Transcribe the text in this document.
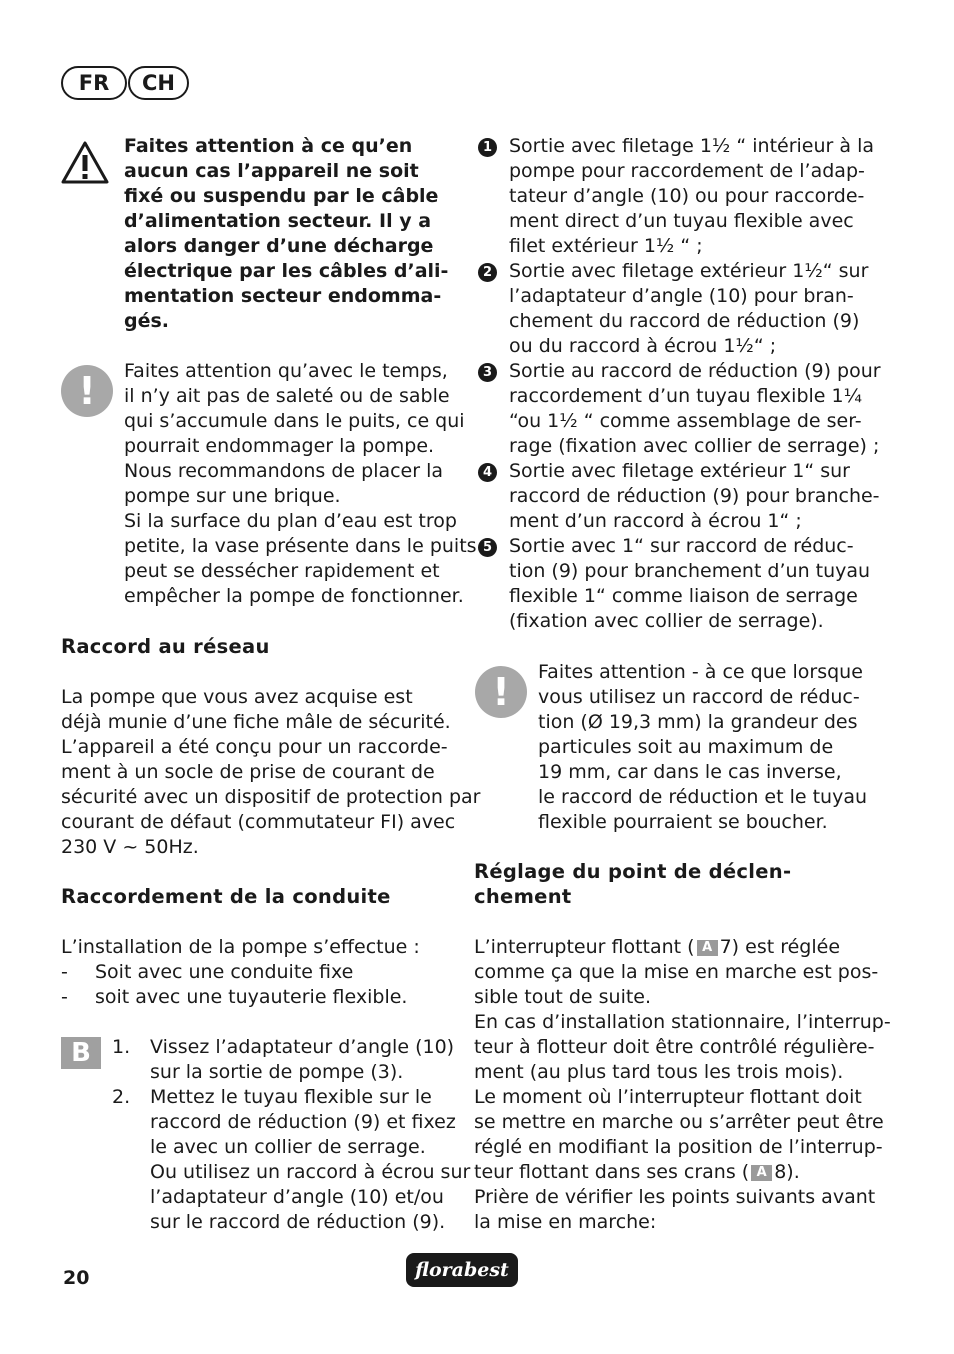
FR	CH
Faites attention à ce qu’en
aucun cas l’appareil ne soit
fixé ou suspendu par le câble
d’alimentation secteur. Il y a
alors danger d’une décharge
électrique par les câbles d’ali-
mentation secteur endomma-
gés.
!	Faites attention qu’avec le temps,
il n’y ait pas de saleté ou de sable
qui s’accumule dans le puits, ce qui
pourrait endommager la pompe.
Nous recommandons de placer la
pompe sur une brique.
Si la surface du plan d’eau est trop
petite, la vase présente dans le puits
peut se dessécher rapidement et
empêcher la pompe de fonctionner.
Raccord au réseau
La pompe que vous avez acquise est
déjà munie d’une fiche mâle de sécurité.
L’appareil a été conçu pour un raccorde-
ment à un socle de prise de courant de
sécurité avec un dispositif de protection par
courant de défaut (commutateur FI) avec
230 V ~ 50Hz.
Raccordement de la conduite
L’installation de la pompe s’effectue :
- Soit avec une conduite fixe
- soit avec une tuyauterie flexible.
B	1. Vissez l’adaptateur d’angle (10)
sur la sortie de pompe (3).
2. Mettez le tuyau flexible sur le
raccord de réduction (9) et fixez
le avec un collier de serrage.
Ou utilisez un raccord à écrou sur
l’adaptateur d’angle (10) et/ou
sur le raccord de réduction (9).
1 Sortie avec filetage 1½ “ intérieur à la
pompe pour raccordement de l’adap-
tateur d’angle (10) ou pour raccorde-
ment direct d’un tuyau flexible avec
filet extérieur 1½ “ ;
2 Sortie avec filetage extérieur 1½“ sur
l’adaptateur d’angle (10) pour bran-
chement du raccord de réduction (9)
ou du raccord à écrou 1½“ ;
3 Sortie au raccord de réduction (9) pour
raccordement d’un tuyau flexible 1¼
“ou 1½ “ comme assemblage de ser-
rage (fixation avec collier de serrage) ;
4 Sortie avec filetage extérieur 1“ sur
raccord de réduction (9) pour branche-
ment d’un raccord à écrou 1“ ;
5 Sortie avec 1“ sur raccord de réduc-
tion (9) pour branchement d’un tuyau
flexible 1“ comme liaison de serrage
(fixation avec collier de serrage).
!	Faites attention - à ce que lorsque
vous utilisez un raccord de réduc-
tion (Ø 19,3 mm) la grandeur des
particules soit au maximum de
19 mm, car dans le cas inverse,
le raccord de réduction et le tuyau
flexible pourraient se boucher.
Réglage du point de déclen-
chement
L’interrupteur flottant ( A 7) est réglée
comme ça que la mise en marche est pos-
sible tout de suite.
En cas d’installation stationnaire, l’interrup-
teur à flotteur doit être contrôlé régulière-
ment (au plus tard tous les trois mois).
Le moment où l’interrupteur flottant doit
se mettre en marche ou s’arrêter peut être
réglé en modifiant la position de l’interrup-
teur flottant dans ses crans ( A 8).
Prière de vérifier les points suivants avant
la mise en marche:
20	florabest
